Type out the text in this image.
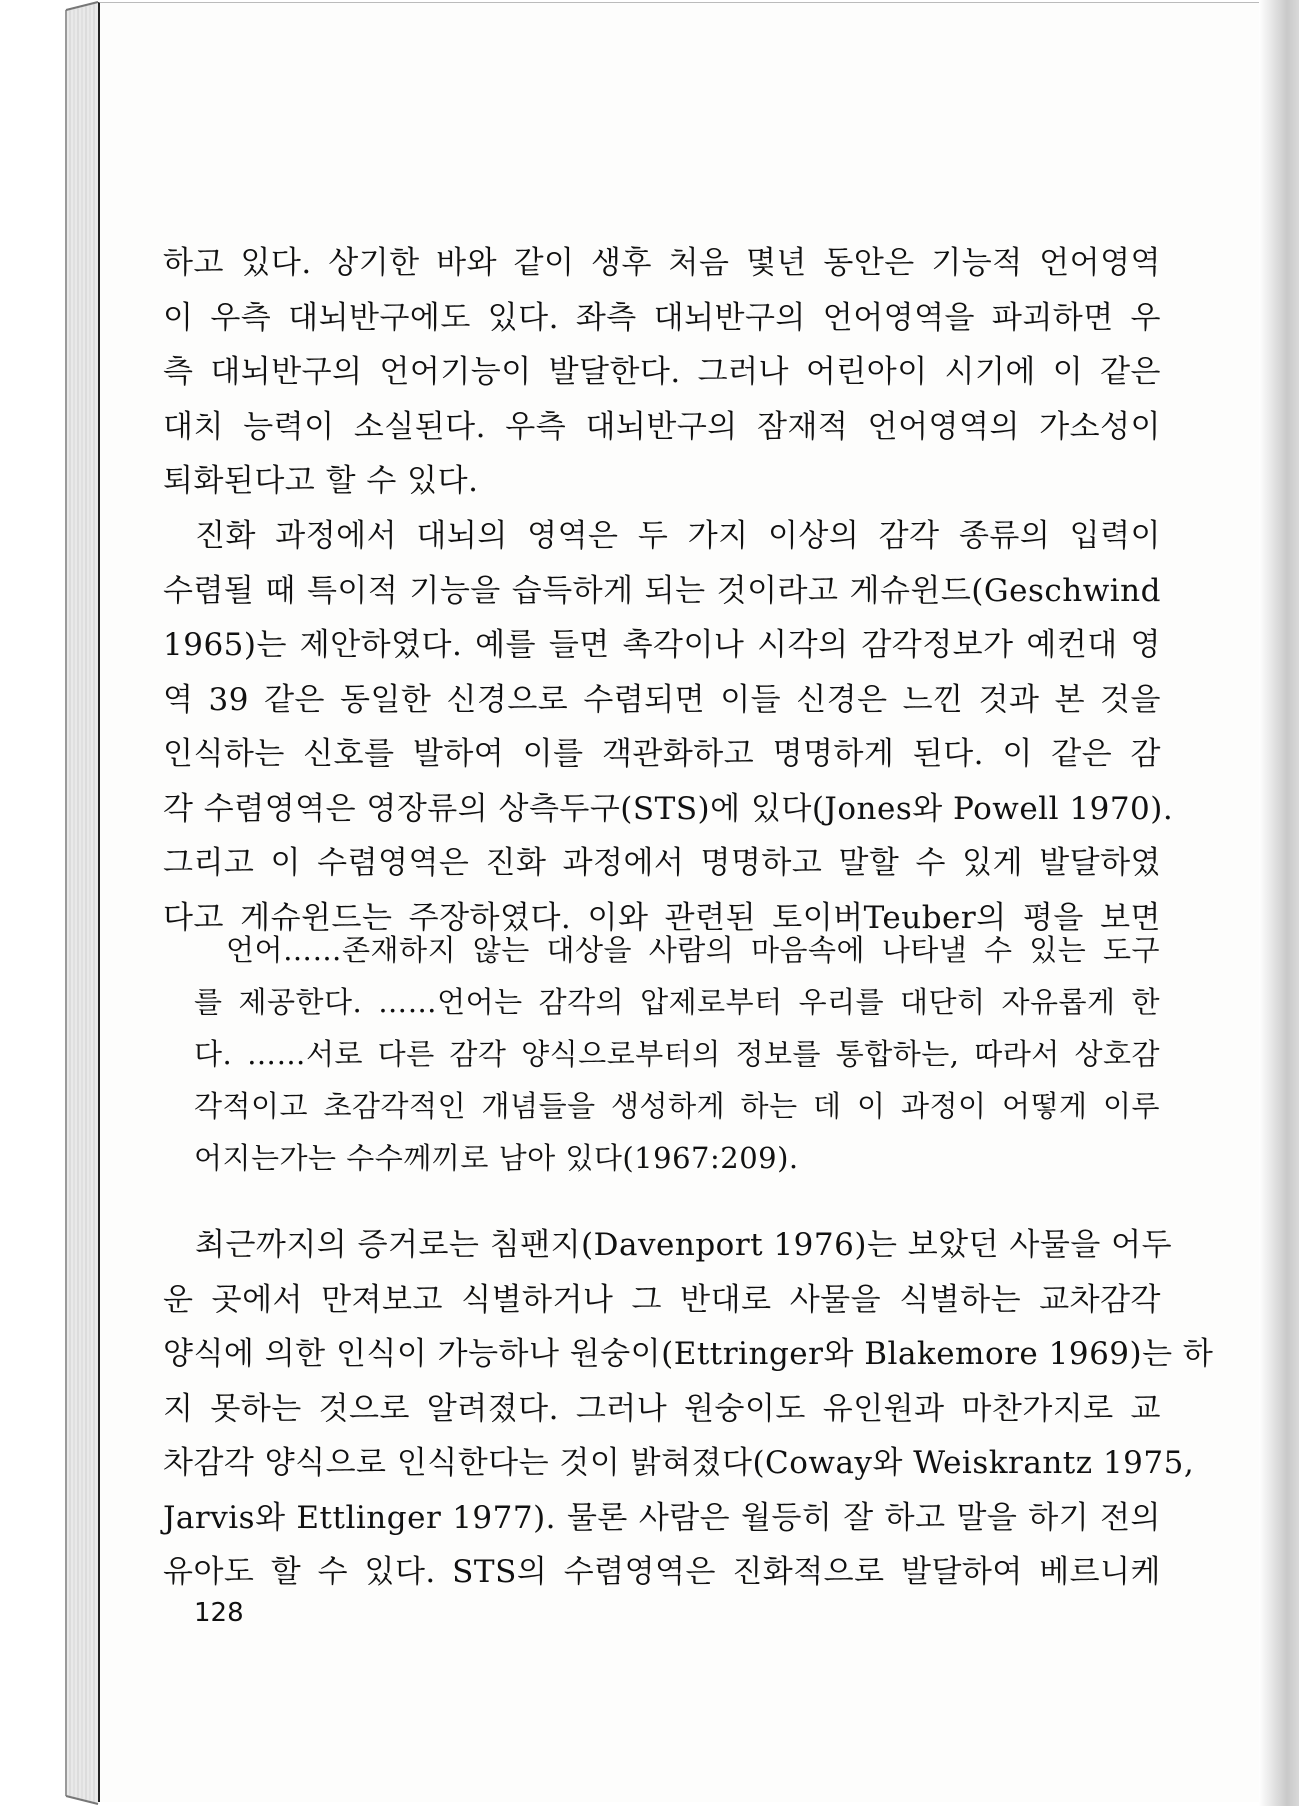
하고 있다. 상기한 바와 같이 생후 처음 몇년 동안은 기능적 언어영역
이 우측 대뇌반구에도 있다. 좌측 대뇌반구의 언어영역을 파괴하면 우
측 대뇌반구의 언어기능이 발달한다. 그러나 어린아이 시기에 이 같은
대치 능력이 소실된다. 우측 대뇌반구의 잠재적 언어영역의 가소성이
퇴화된다고 할 수 있다.

진화 과정에서 대뇌의 영역은 두 가지 이상의 감각 종류의 입력이
수렴될 때 특이적 기능을 습득하게 되는 것이라고 게슈윈드(Geschwind
1965)는 제안하였다. 예를 들면 촉각이나 시각의 감각정보가 예컨대 영
역 39 같은 동일한 신경으로 수렴되면 이들 신경은 느낀 것과 본 것을
인식하는 신호를 발하여 이를 객관화하고 명명하게 된다. 이 같은 감
각 수렴영역은 영장류의 상측두구(STS)에 있다(Jones와 Powell 1970).
그리고 이 수렴영역은 진화 과정에서 명명하고 말할 수 있게 발달하였
다고 게슈윈드는 주장하였다. 이와 관련된 토이버Teuber의 평을 보면

언어……존재하지 않는 대상을 사람의 마음속에 나타낼 수 있는 도구
를 제공한다. ……언어는 감각의 압제로부터 우리를 대단히 자유롭게 한
다. ……서로 다른 감각 양식으로부터의 정보를 통합하는, 따라서 상호감
각적이고 초감각적인 개념들을 생성하게 하는 데 이 과정이 어떻게 이루
어지는가는 수수께끼로 남아 있다(1967:209).

최근까지의 증거로는 침팬지(Davenport 1976)는 보았던 사물을 어두
운 곳에서 만져보고 식별하거나 그 반대로 사물을 식별하는 교차감각
양식에 의한 인식이 가능하나 원숭이(Ettringer와 Blakemore 1969)는 하
지 못하는 것으로 알려졌다. 그러나 원숭이도 유인원과 마찬가지로 교
차감각 양식으로 인식한다는 것이 밝혀졌다(Coway와 Weiskrantz 1975,
Jarvis와 Ettlinger 1977). 물론 사람은 월등히 잘 하고 말을 하기 전의
유아도 할 수 있다. STS의 수렴영역은 진화적으로 발달하여 베르니케

128
